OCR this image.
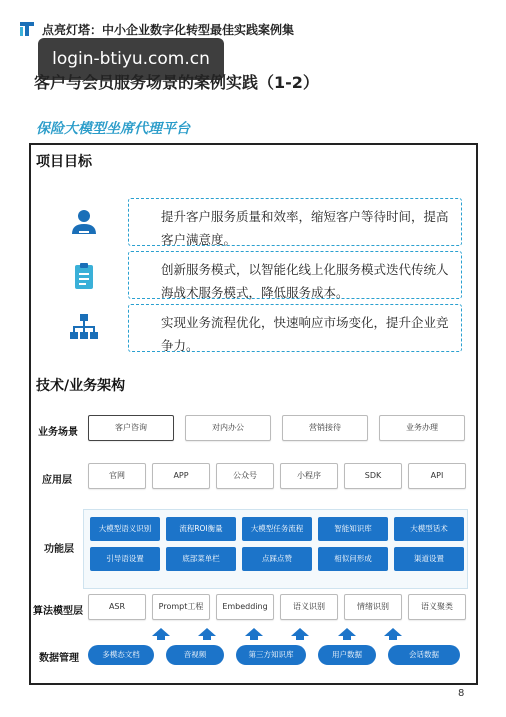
点亮灯塔：中小企业数字化转型最佳实践案例集
login-btiyu.com.cn
客户与会员服务场景的案例实践（1-2）
保险大模型坐席代理平台
项目目标
提升客户服务质量和效率，缩短客户等待时间，提高客户满意度。
创新服务模式，以智能化线上化服务模式迭代传统人海战术服务模式，降低服务成本。
实现业务流程优化，快速响应市场变化，提升企业竞争力。
技术/业务架构
业务场景	客户咨询	对内办公	营销接待	业务办理
应用层	官网	APP	公众号	小程序	SDK	API
功能层
大模型语义识别	流程ROI衡量	大模型任务流程	智能知识库	大模型话术
引导语设置	底部菜单栏	点踩点赞	相似问形成	渠道设置
算法模型层	ASR	Prompt工程	Embedding	语义识别	情绪识别	语义聚类
数据管理	多模态文档	音视频	第三方知识库	用户数据	会话数据
8
